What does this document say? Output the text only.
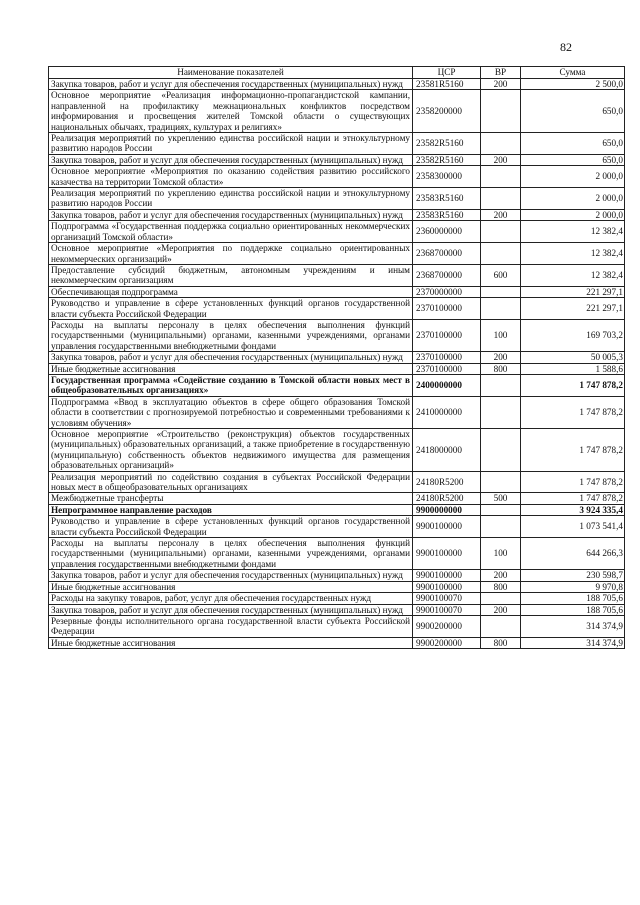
82
Наименование показателей	ЦСР	ВР	Сумма
Закупка товаров, работ и услуг для обеспечения государственных (муниципальных) нужд	23581R5160	200	2 500,0
Основное мероприятие «Реализация информационно-пропагандистской кампании, направленной на профилактику межнациональных конфликтов посредством информирования и просвещения жителей Томской области о существующих национальных обычаях, традициях, культурах и религиях»	2358200000		650,0
Реализация мероприятий по укреплению единства российской нации и этнокультурному развитию народов России	23582R5160		650,0
Закупка товаров, работ и услуг для обеспечения государственных (муниципальных) нужд	23582R5160	200	650,0
Основное мероприятие «Мероприятия по оказанию содействия развитию российского казачества на территории Томской области»	2358300000		2 000,0
Реализация мероприятий по укреплению единства российской нации и этнокультурному развитию народов России	23583R5160		2 000,0
Закупка товаров, работ и услуг для обеспечения государственных (муниципальных) нужд	23583R5160	200	2 000,0
Подпрограмма «Государственная поддержка социально ориентированных некоммерческих организаций Томской области»	2360000000		12 382,4
Основное мероприятие «Мероприятия по поддержке социально ориентированных некоммерческих организаций»	2368700000		12 382,4
Предоставление субсидий бюджетным, автономным учреждениям и иным некоммерческим организациям	2368700000	600	12 382,4
Обеспечивающая подпрограмма	2370000000		221 297,1
Руководство и управление в сфере установленных функций органов государственной власти субъекта Российской Федерации	2370100000		221 297,1
Расходы на выплаты персоналу в целях обеспечения выполнения функций государственными (муниципальными) органами, казенными учреждениями, органами управления государственными внебюджетными фондами	2370100000	100	169 703,2
Закупка товаров, работ и услуг для обеспечения государственных (муниципальных) нужд	2370100000	200	50 005,3
Иные бюджетные ассигнования	2370100000	800	1 588,6
Государственная программа «Содействие созданию в Томской области новых мест в общеобразовательных организациях»	2400000000		1 747 878,2
Подпрограмма «Ввод в эксплуатацию объектов в сфере общего образования Томской области в соответствии с прогнозируемой потребностью и современными требованиями к условиям обучения»	2410000000		1 747 878,2
Основное мероприятие «Строительство (реконструкция) объектов государственных (муниципальных) образовательных организаций, а также приобретение в государственную (муниципальную) собственность объектов недвижимого имущества для размещения образовательных организаций»	2418000000		1 747 878,2
Реализация мероприятий по содействию создания в субъектах Российской Федерации новых мест в общеобразовательных организациях	24180R5200		1 747 878,2
Межбюджетные трансферты	24180R5200	500	1 747 878,2
Непрограммное направление расходов	9900000000		3 924 335,4
Руководство и управление в сфере установленных функций органов государственной власти субъекта Российской Федерации	9900100000		1 073 541,4
Расходы на выплаты персоналу в целях обеспечения выполнения функций государственными (муниципальными) органами, казенными учреждениями, органами управления государственными внебюджетными фондами	9900100000	100	644 266,3
Закупка товаров, работ и услуг для обеспечения государственных (муниципальных) нужд	9900100000	200	230 598,7
Иные бюджетные ассигнования	9900100000	800	9 970,8
Расходы на закупку товаров, работ, услуг для обеспечения государственных нужд	9900100070		188 705,6
Закупка товаров, работ и услуг для обеспечения государственных (муниципальных) нужд	9900100070	200	188 705,6
Резервные фонды исполнительного органа государственной власти субъекта Российской Федерации	9900200000		314 374,9
Иные бюджетные ассигнования	9900200000	800	314 374,9
